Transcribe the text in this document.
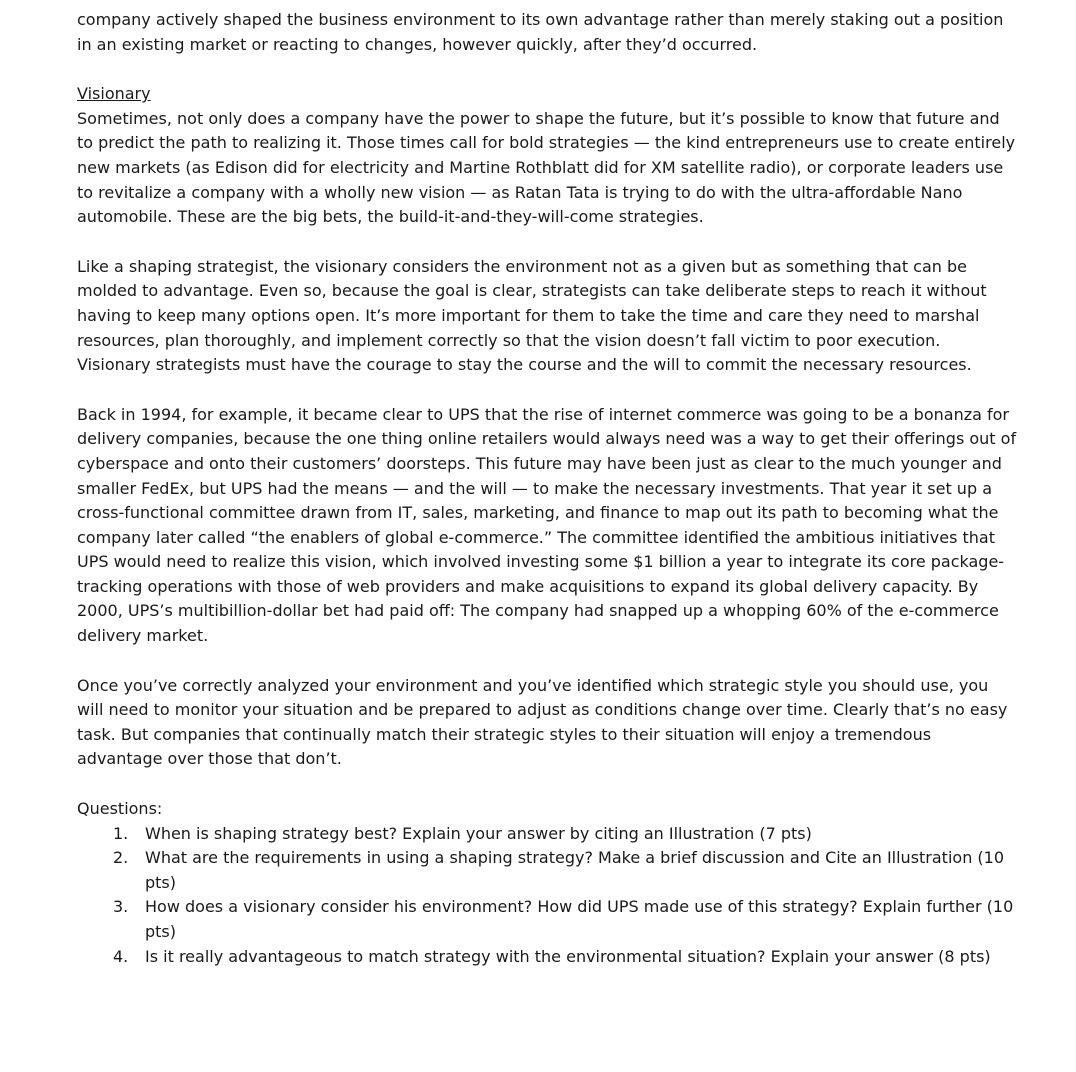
company actively shaped the business environment to its own advantage rather than merely staking out a position in an existing market or reacting to changes, however quickly, after they’d occurred.

Visionary

Sometimes, not only does a company have the power to shape the future, but it’s possible to know that future and to predict the path to realizing it. Those times call for bold strategies — the kind entrepreneurs use to create entirely new markets (as Edison did for electricity and Martine Rothblatt did for XM satellite radio), or corporate leaders use to revitalize a company with a wholly new vision — as Ratan Tata is trying to do with the ultra-affordable Nano automobile. These are the big bets, the build-it-and-they-will-come strategies.

Like a shaping strategist, the visionary considers the environment not as a given but as something that can be molded to advantage. Even so, because the goal is clear, strategists can take deliberate steps to reach it without having to keep many options open. It’s more important for them to take the time and care they need to marshal resources, plan thoroughly, and implement correctly so that the vision doesn’t fall victim to poor execution. Visionary strategists must have the courage to stay the course and the will to commit the necessary resources.

Back in 1994, for example, it became clear to UPS that the rise of internet commerce was going to be a bonanza for delivery companies, because the one thing online retailers would always need was a way to get their offerings out of cyberspace and onto their customers’ doorsteps. This future may have been just as clear to the much younger and smaller FedEx, but UPS had the means — and the will — to make the necessary investments. That year it set up a cross-functional committee drawn from IT, sales, marketing, and finance to map out its path to becoming what the company later called “the enablers of global e-commerce.” The committee identified the ambitious initiatives that UPS would need to realize this vision, which involved investing some $1 billion a year to integrate its core package-tracking operations with those of web providers and make acquisitions to expand its global delivery capacity. By 2000, UPS’s multibillion-dollar bet had paid off: The company had snapped up a whopping 60% of the e-commerce delivery market.

Once you’ve correctly analyzed your environment and you’ve identified which strategic style you should use, you will need to monitor your situation and be prepared to adjust as conditions change over time. Clearly that’s no easy task. But companies that continually match their strategic styles to their situation will enjoy a tremendous advantage over those that don’t.

Questions:

1. When is shaping strategy best? Explain your answer by citing an Illustration (7 pts)
2. What are the requirements in using a shaping strategy? Make a brief discussion and Cite an Illustration (10 pts)
3. How does a visionary consider his environment? How did UPS made use of this strategy? Explain further (10 pts)
4. Is it really advantageous to match strategy with the environmental situation? Explain your answer (8 pts)
